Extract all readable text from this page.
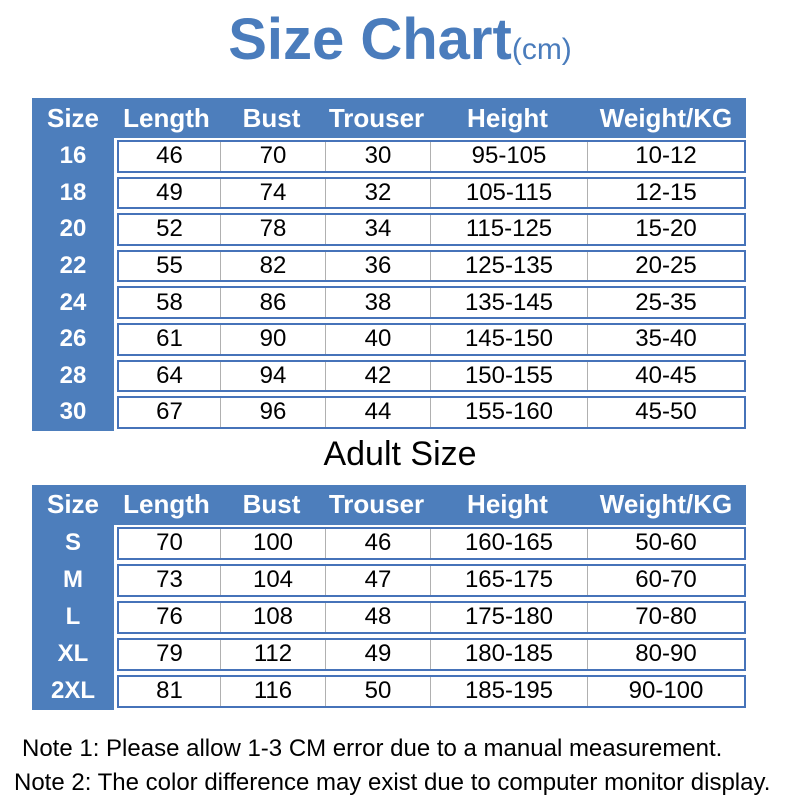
Size Chart(cm)
Size Length	Bust	Trouser	Height	Weight/KG
16	46	70	30	95-105	10-12
18	49	74	32	105-115	12-15
20	52	78	34	115-125	15-20
22	55	82	36	125-135	20-25
24	58	86	38	135-145	25-35
26	61	90	40	145-150	35-40
28	64	94	42	150-155	40-45
30	67	96	44	155-160	45-50
Adult Size
Size Length	Bust	Trouser	Height	Weight/KG
S	70	100	46	160-165	50-60
M	73	104	47	165-175	60-70
L	76	108	48	175-180	70-80
XL	79	112	49	180-185	80-90
2XL	81	116	50	185-195	90-100
Note 1: Please allow 1-3 CM error due to a manual measurement.
Note 2: The color difference may exist due to computer monitor display.
